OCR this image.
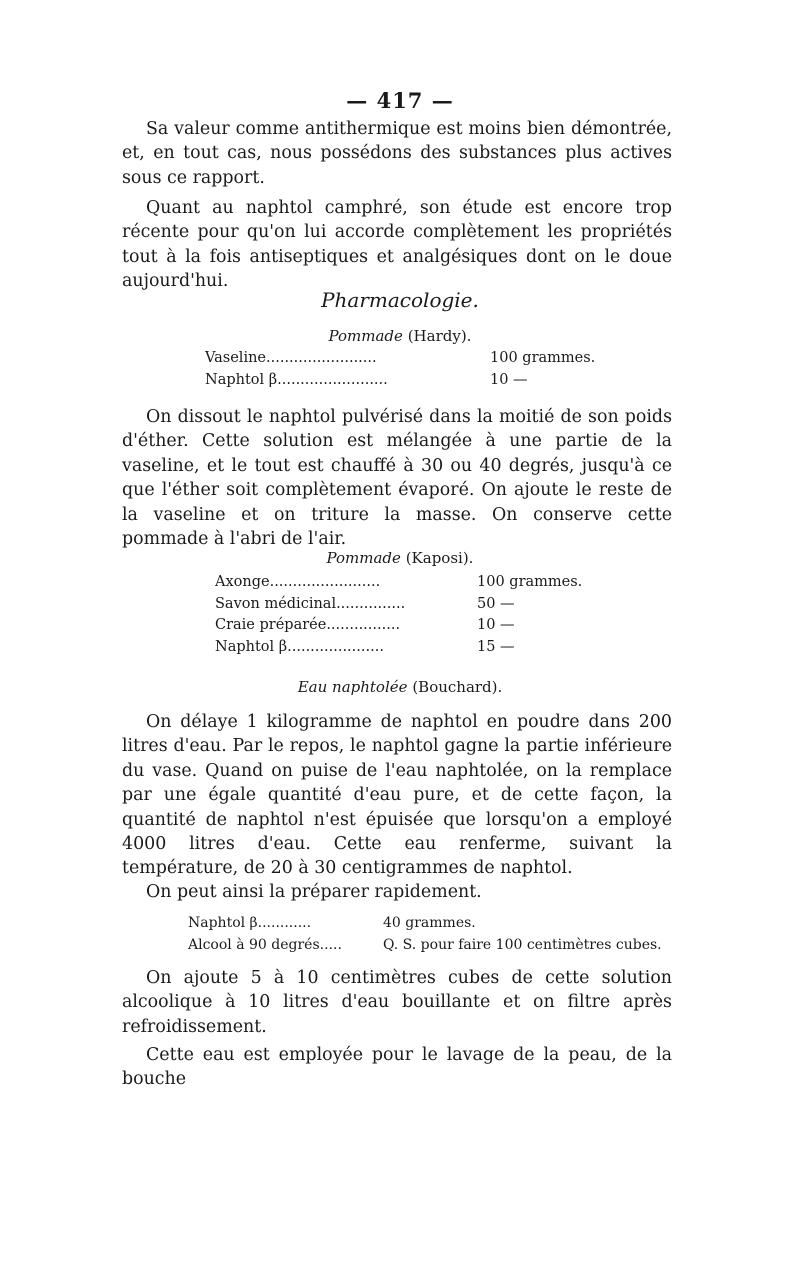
— 417 —

Sa valeur comme antithermique est moins bien démontrée, et, en tout cas, nous possédons des substances plus actives sous ce rapport.

Quant au naphtol camphré, son étude est encore trop récente pour qu'on lui accorde complètement les propriétés tout à la fois antiseptiques et analgésiques dont on le doue aujourd'hui.

Pharmacologie.
Pommade (Hardy).
Vaseline........................	100 grammes.
Naphtol β........................	10 —

On dissout le naphtol pulvérisé dans la moitié de son poids d'éther. Cette solution est mélangée à une partie de la vaseline, et le tout est chauffé à 30 ou 40 degrés, jusqu'à ce que l'éther soit complètement évaporé. On ajoute le reste de la vaseline et on triture la masse. On conserve cette pommade à l'abri de l'air.

Pommade (Kaposi).
Axonge........................	100 grammes.
Savon médicinal...............	50 —
Craie préparée................	10 —
Naphtol β.....................	15 —
Eau naphtolée (Bouchard).

On délaye 1 kilogramme de naphtol en poudre dans 200 litres d'eau. Par le repos, le naphtol gagne la partie inférieure du vase. Quand on puise de l'eau naphtolée, on la remplace par une égale quantité d'eau pure, et de cette façon, la quantité de naphtol n'est épuisée que lorsqu'on a employé 4000 litres d'eau. Cette eau renferme, suivant la température, de 20 à 30 centigrammes de naphtol.

On peut ainsi la préparer rapidement.

Naphtol β............	40 grammes.
Alcool à 90 degrés.....	Q. S. pour faire 100 centimètres cubes.

On ajoute 5 à 10 centimètres cubes de cette solution alcoolique à 10 litres d'eau bouillante et on filtre après refroidissement.

Cette eau est employée pour le lavage de la peau, de la bouche
